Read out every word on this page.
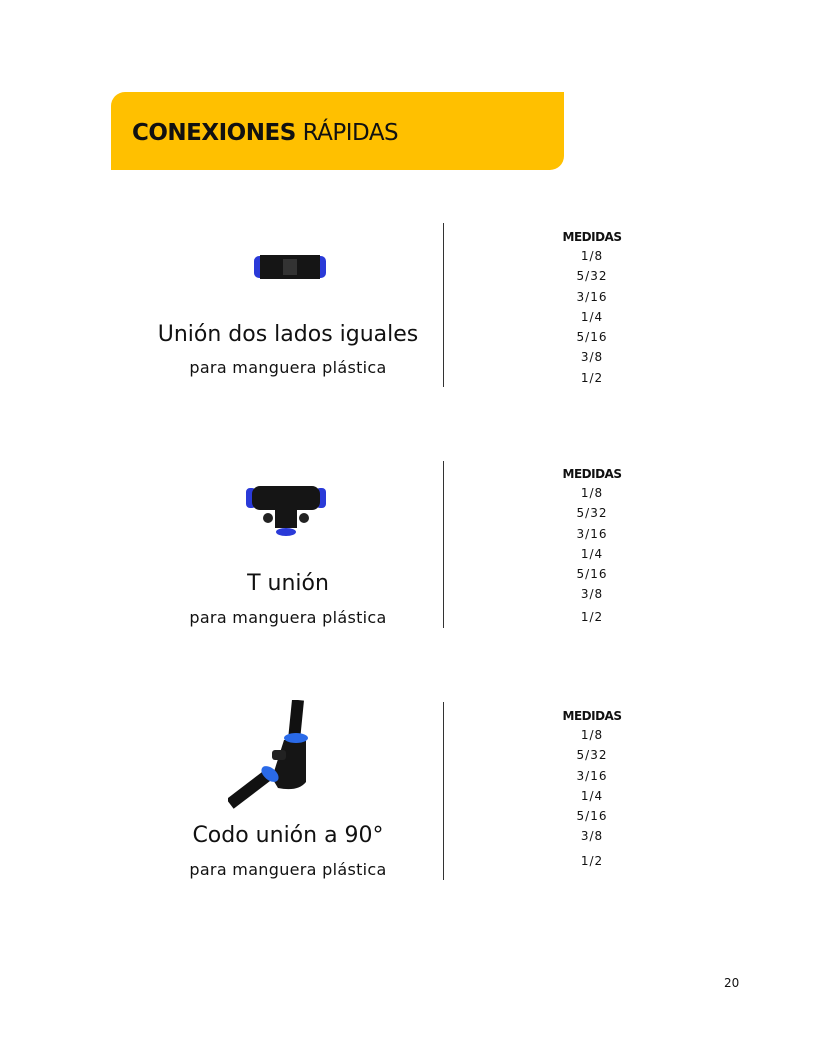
CONEXIONES RÁPIDAS
Unión dos lados iguales
para manguera plástica
MEDIDAS
1/8
5/32
3/16
1/4
5/16
3/8
1/2
T unión
para manguera plástica
MEDIDAS
1/8
5/32
3/16
1/4
5/16
3/8
1/2
Codo unión a 90°
para manguera plástica
MEDIDAS
1/8
5/32
3/16
1/4
5/16
3/8
1/2
20
